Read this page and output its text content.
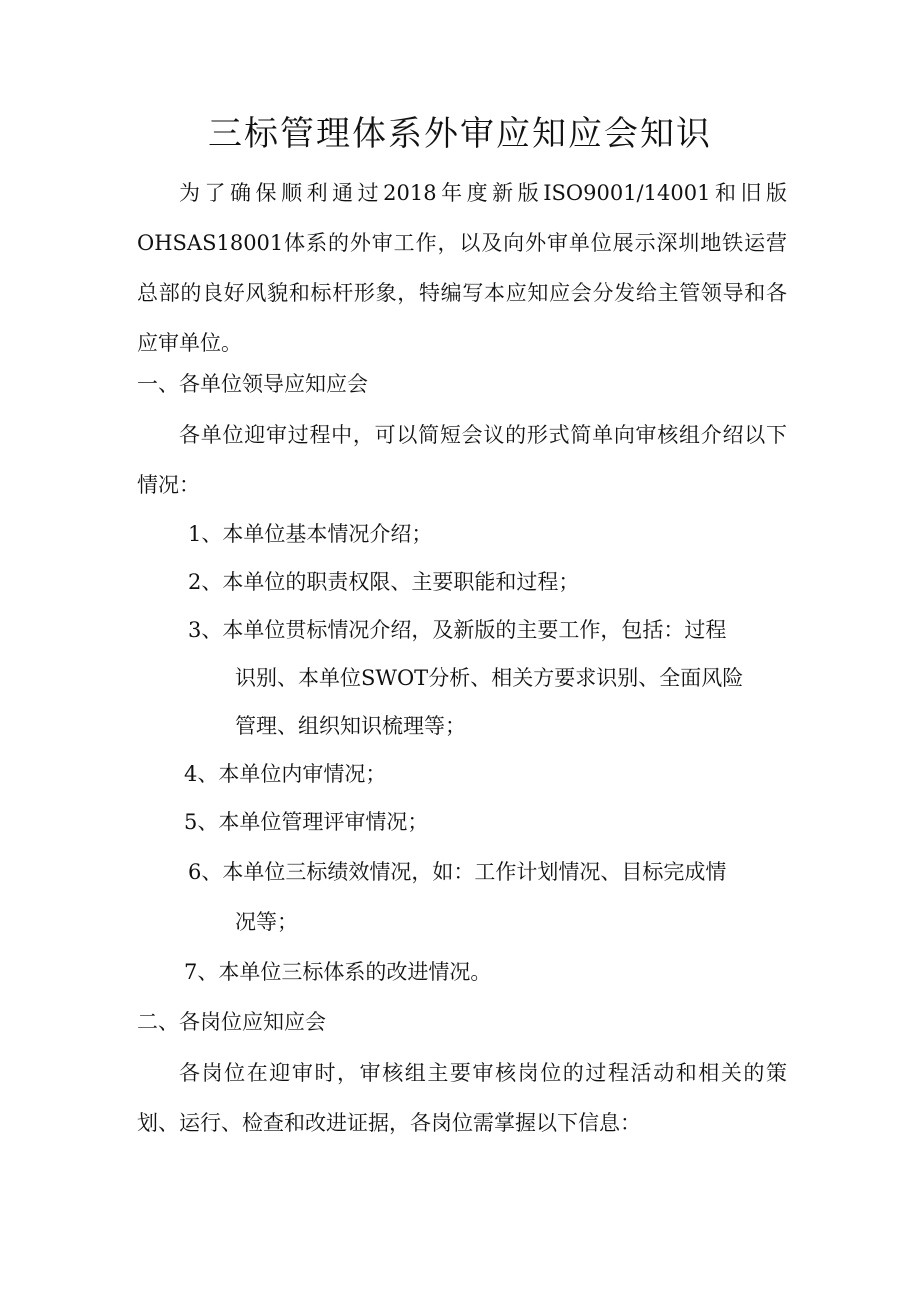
三标管理体系外审应知应会知识
为了确保顺利通过2018年度新版ISO9001/14001和旧版OHSAS18001体系的外审工作，以及向外审单位展示深圳地铁运营总部的良好风貌和标杆形象，特编写本应知应会分发给主管领导和各应审单位。
一、各单位领导应知应会
各单位迎审过程中，可以简短会议的形式简单向审核组介绍以下情况：
1、本单位基本情况介绍；
2、本单位的职责权限、主要职能和过程；
3、本单位贯标情况介绍，及新版的主要工作，包括：过程
识别、本单位SWOT分析、相关方要求识别、全面风险
管理、组织知识梳理等；
4、本单位内审情况；
5、本单位管理评审情况；
6、本单位三标绩效情况，如：工作计划情况、目标完成情
况等；
7、本单位三标体系的改进情况。
二、各岗位应知应会
各岗位在迎审时，审核组主要审核岗位的过程活动和相关的策划、运行、检查和改进证据，各岗位需掌握以下信息：
